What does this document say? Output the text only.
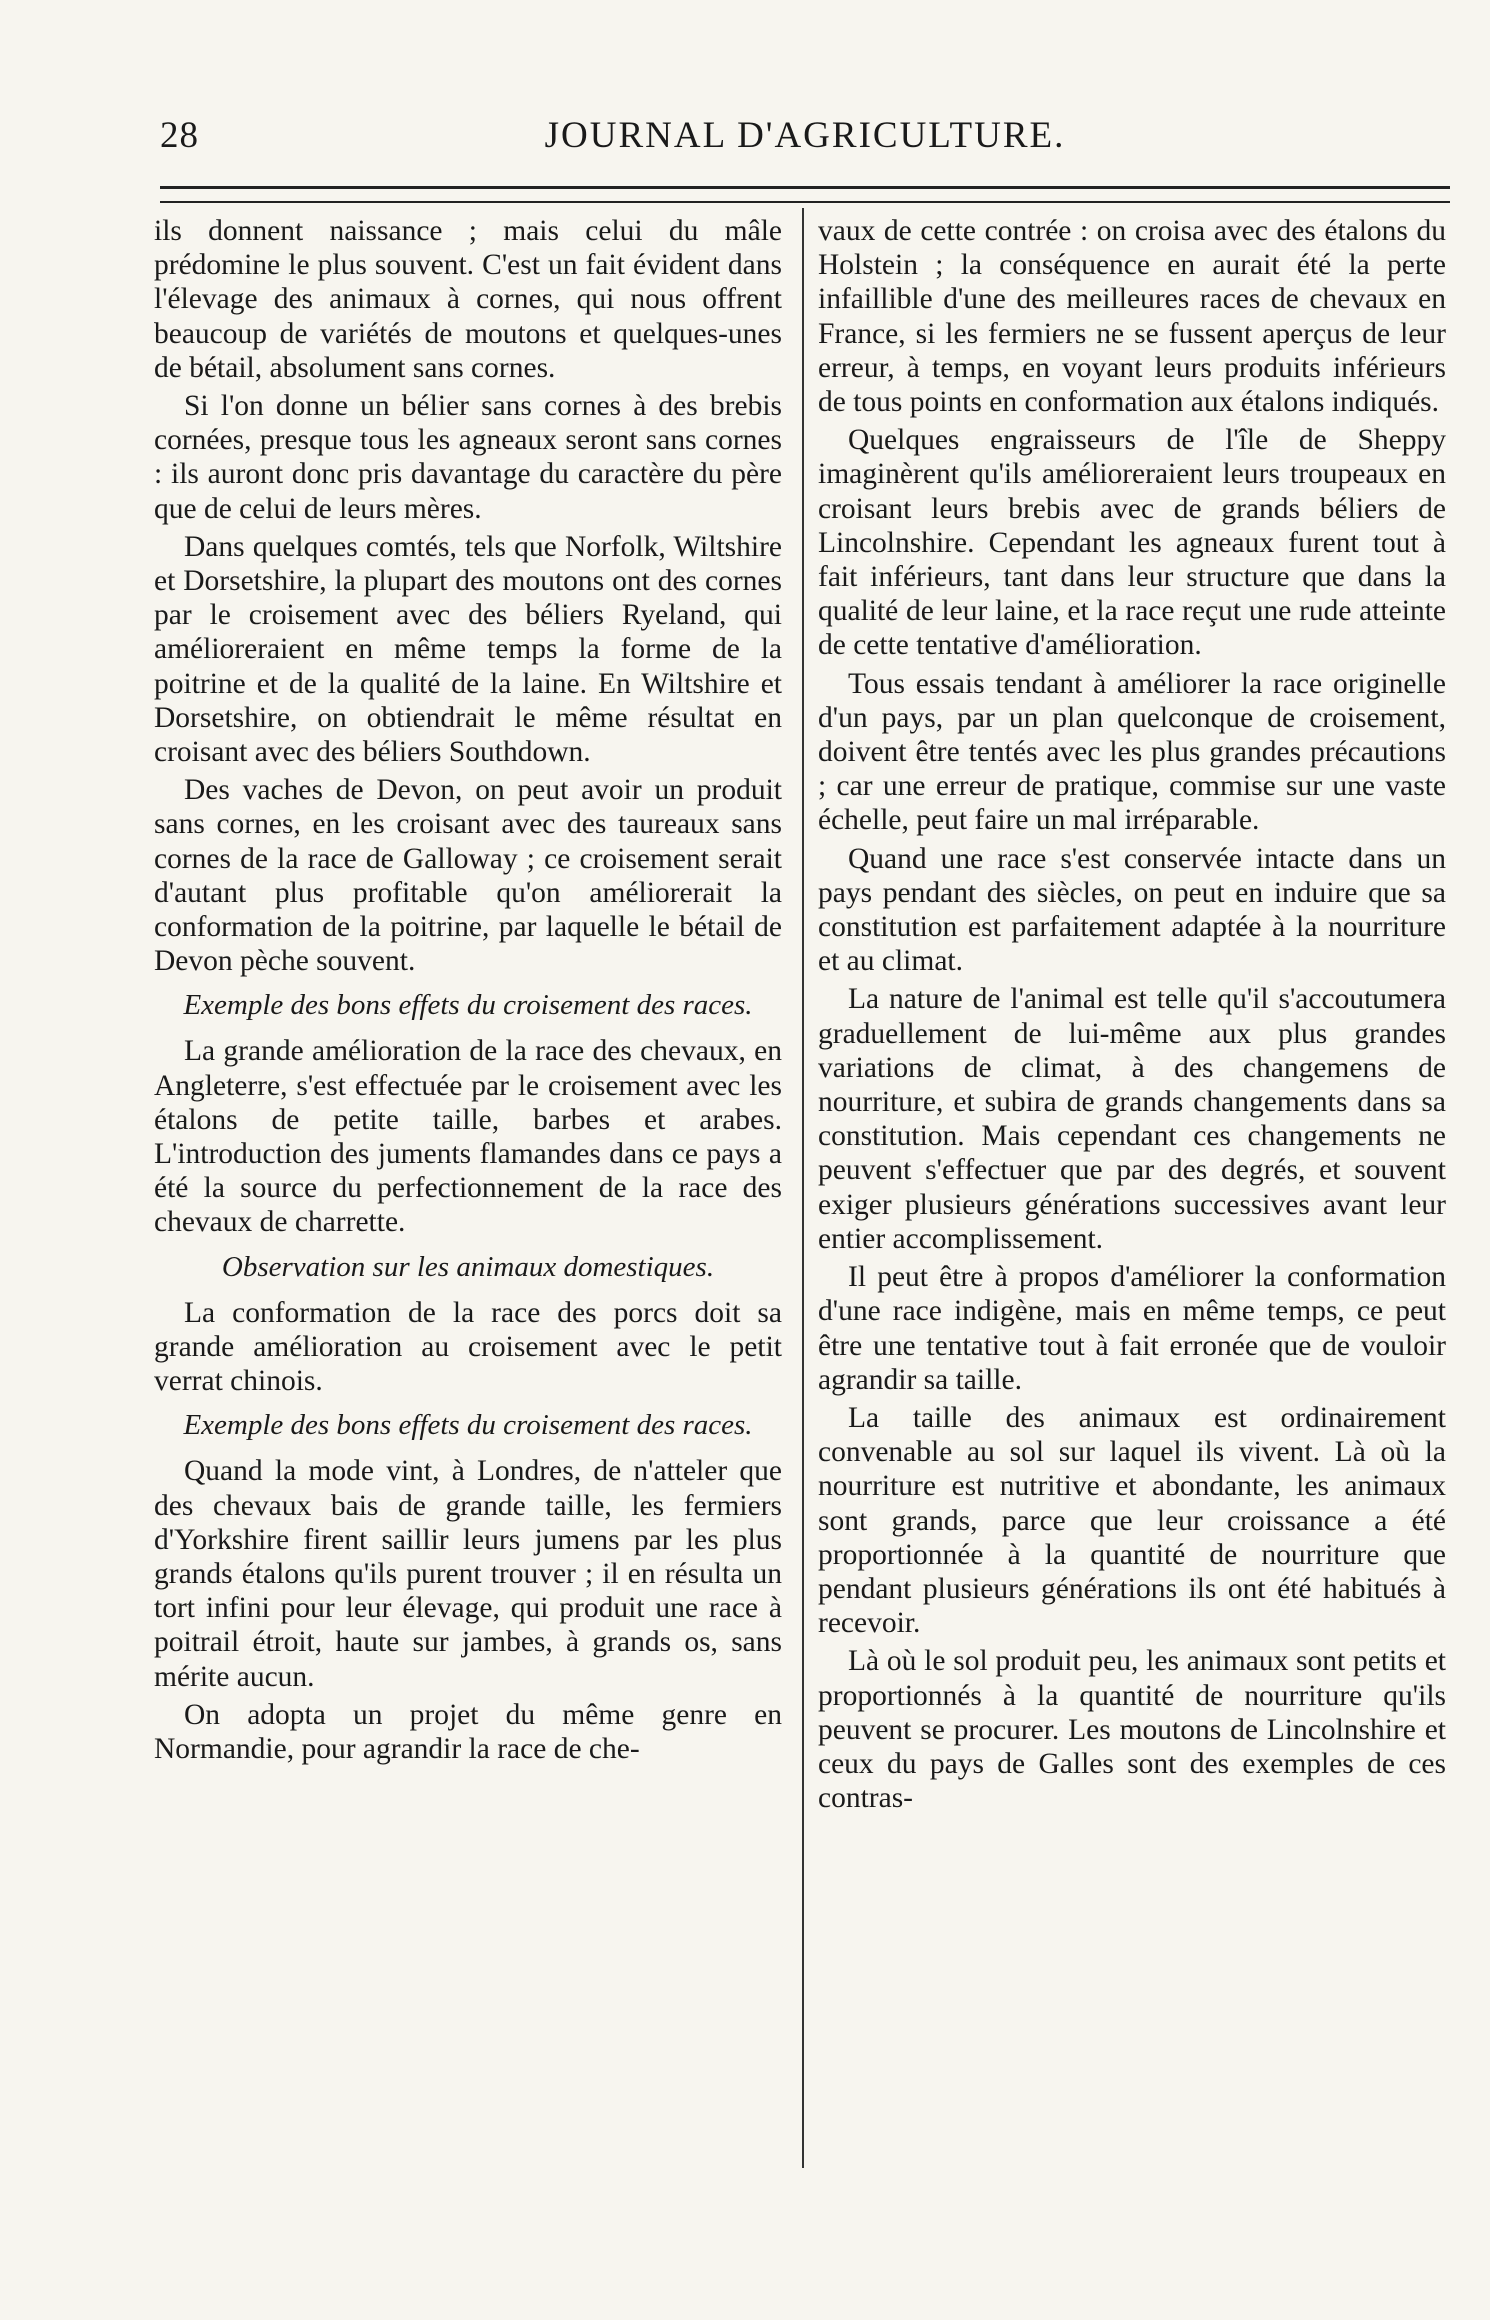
28	JOURNAL D'AGRICULTURE.

ils donnent naissance ; mais celui du mâle prédomine le plus souvent. C'est un fait évident dans l'élevage des animaux à cornes, qui nous offrent beaucoup de variétés de moutons et quelques-unes de bétail, absolument sans cornes.

Si l'on donne un bélier sans cornes à des brebis cornées, presque tous les agneaux seront sans cornes : ils auront donc pris davantage du caractère du père que de celui de leurs mères.

Dans quelques comtés, tels que Norfolk, Wiltshire et Dorsetshire, la plupart des moutons ont des cornes par le croisement avec des béliers Ryeland, qui amélioreraient en même temps la forme de la poitrine et de la qualité de la laine. En Wiltshire et Dorsetshire, on obtiendrait le même résultat en croisant avec des béliers Southdown.

Des vaches de Devon, on peut avoir un produit sans cornes, en les croisant avec des taureaux sans cornes de la race de Galloway ; ce croisement serait d'autant plus profitable qu'on améliorerait la conformation de la poitrine, par laquelle le bétail de Devon pèche souvent.

Exemple des bons effets du croisement des races.

La grande amélioration de la race des chevaux, en Angleterre, s'est effectuée par le croisement avec les étalons de petite taille, barbes et arabes. L'introduction des juments flamandes dans ce pays a été la source du perfectionnement de la race des chevaux de charrette.

Observation sur les animaux domestiques.

La conformation de la race des porcs doit sa grande amélioration au croisement avec le petit verrat chinois.

Exemple des bons effets du croisement des races.

Quand la mode vint, à Londres, de n'atteler que des chevaux bais de grande taille, les fermiers d'Yorkshire firent saillir leurs jumens par les plus grands étalons qu'ils purent trouver ; il en résulta un tort infini pour leur élevage, qui produit une race à poitrail étroit, haute sur jambes, à grands os, sans mérite aucun.

On adopta un projet du même genre en Normandie, pour agrandir la race de che-

vaux de cette contrée : on croisa avec des étalons du Holstein ; la conséquence en aurait été la perte infaillible d'une des meilleures races de chevaux en France, si les fermiers ne se fussent aperçus de leur erreur, à temps, en voyant leurs produits inférieurs de tous points en conformation aux étalons indiqués.

Quelques engraisseurs de l'île de Sheppy imaginèrent qu'ils amélioreraient leurs troupeaux en croisant leurs brebis avec de grands béliers de Lincolnshire. Cependant les agneaux furent tout à fait inférieurs, tant dans leur structure que dans la qualité de leur laine, et la race reçut une rude atteinte de cette tentative d'amélioration.

Tous essais tendant à améliorer la race originelle d'un pays, par un plan quelconque de croisement, doivent être tentés avec les plus grandes précautions ; car une erreur de pratique, commise sur une vaste échelle, peut faire un mal irréparable.

Quand une race s'est conservée intacte dans un pays pendant des siècles, on peut en induire que sa constitution est parfaitement adaptée à la nourriture et au climat.

La nature de l'animal est telle qu'il s'accoutumera graduellement de lui-même aux plus grandes variations de climat, à des changemens de nourriture, et subira de grands changements dans sa constitution. Mais cependant ces changements ne peuvent s'effectuer que par des degrés, et souvent exiger plusieurs générations successives avant leur entier accomplissement.

Il peut être à propos d'améliorer la conformation d'une race indigène, mais en même temps, ce peut être une tentative tout à fait erronée que de vouloir agrandir sa taille.

La taille des animaux est ordinairement convenable au sol sur laquel ils vivent. Là où la nourriture est nutritive et abondante, les animaux sont grands, parce que leur croissance a été proportionnée à la quantité de nourriture que pendant plusieurs générations ils ont été habitués à recevoir.

Là où le sol produit peu, les animaux sont petits et proportionnés à la quantité de nourriture qu'ils peuvent se procurer. Les moutons de Lincolnshire et ceux du pays de Galles sont des exemples de ces contras-
